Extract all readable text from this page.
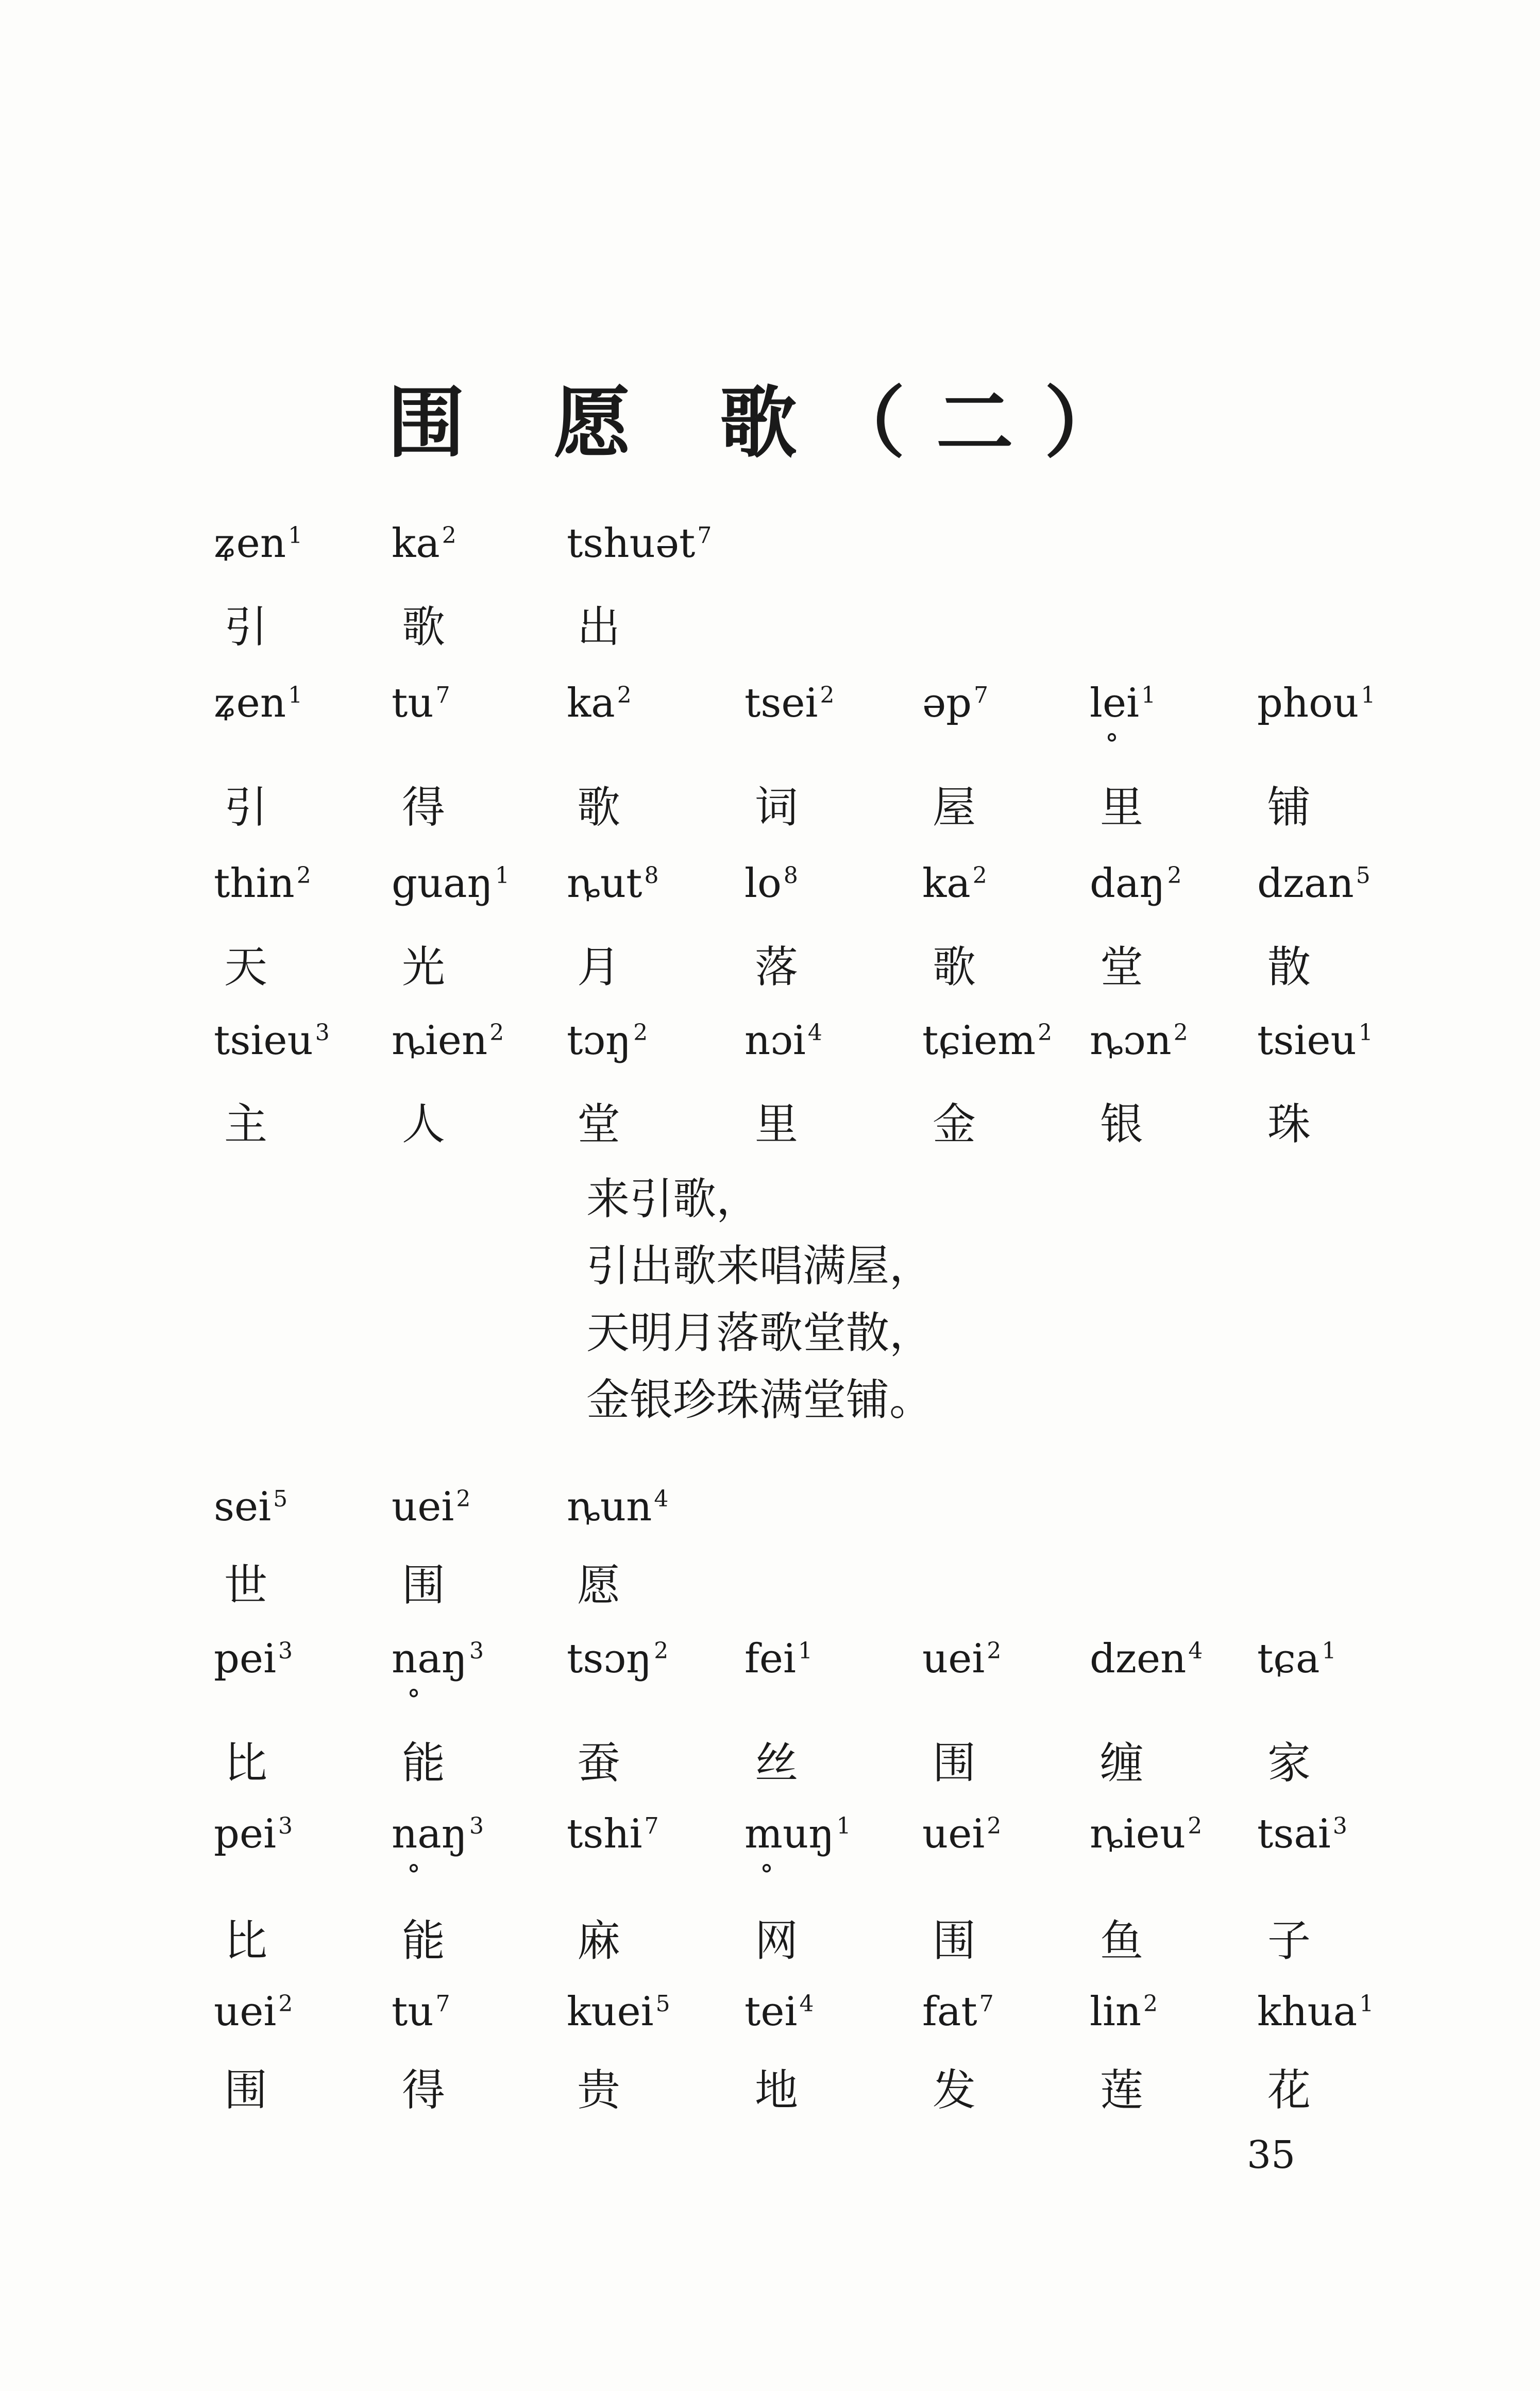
围 愿 歌（二）
ʑen$^1$
引
$ka^2$
歌
tshuət$^7$
出
ʑen$^1$
引
$tu^7$
得
$ka^2$
歌
tsei$^2$
词
əp$^7$
屋
lei$^1$
里
°
phou$^1$
铺
thin$^2$
天
guaŋ$^1$
光
ȵut$^8$
月
$lo^8$
落
$ka^2$
歌
daŋ$^2$
堂
dzan$^5$
散
tsieu$^3$
主
ȵien$^2$
人
tɔŋ$^2$
堂
nɔi$^4$
里
tɕiem$^2$
金
ȵɔn$^2$
银
tsieu$^1$
珠
sei$^5$
世
uei$^2$
围
ȵun$^4$
愿
pei$^3$
比
naŋ$^3$
能
°
tsɔŋ$^2$
蚕
fei$^1$
丝
uei$^2$
围
dzen$^4$
缠
tɕa$^1$
家
pei$^3$
比
naŋ$^3$
能
°
tshi$^7$
麻
muŋ$^1$
网
°
uei$^2$
围
ȵieu$^2$
鱼
tsai$^3$
子
uei$^2$
围
$tu^7$
得
kuei$^5$
贵
tei$^4$
地
fat$^7$
发
lin$^2$
莲
khua$^1$
花
来引歌，
引出歌来唱满屋，
天明月落歌堂散，
金银珍珠满堂铺。
35
